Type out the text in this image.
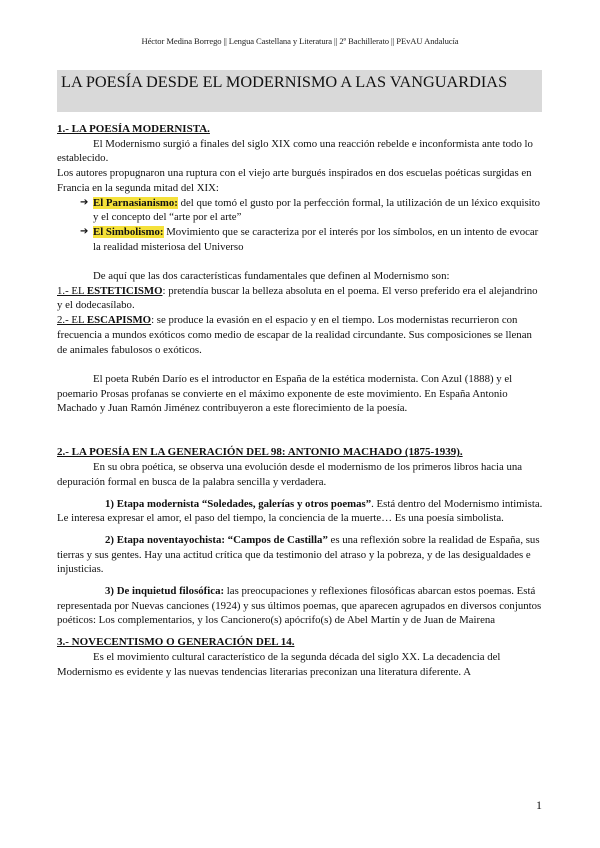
Héctor Medina Borrego || Lengua Castellana y Literatura || 2º Bachillerato || PEvAU Andalucía
LA POESÍA DESDE EL MODERNISMO A LAS VANGUARDIAS

1.- LA POESÍA MODERNISTA.

El Modernismo surgió a finales del siglo XIX como una reacción rebelde e inconformista ante todo lo establecido.

Los autores propugnaron una ruptura con el viejo arte burgués inspirados en dos escuelas poéticas surgidas en Francia en la segunda mitad del XIX:

➔ El Parnasianismo: del que tomó el gusto por la perfección formal, la utilización de un léxico exquisito y el concepto del “arte por el arte”

➔ El Simbolismo: Movimiento que se caracteriza por el interés por los símbolos, en un intento de evocar la realidad misteriosa del Universo

De aquí que las dos características fundamentales que definen al Modernismo son:

1.- EL ESTETICISMO: pretendía buscar la belleza absoluta en el poema. El verso preferido era el alejandrino y el dodecasílabo.

2.- EL ESCAPISMO: se produce la evasión en el espacio y en el tiempo. Los modernistas recurrieron con frecuencia a mundos exóticos como medio de escapar de la realidad circundante. Sus composiciones se llenan de animales fabulosos o exóticos.

El poeta Rubén Darío es el introductor en España de la estética modernista. Con Azul (1888) y el poemario Prosas profanas se convierte en el máximo exponente de este movimiento. En España Antonio Machado y Juan Ramón Jiménez contribuyeron a este florecimiento de la poesía.

2.- LA POESÍA EN LA GENERACIÓN DEL 98: ANTONIO MACHADO (1875-1939).

En su obra poética, se observa una evolución desde el modernismo de los primeros libros hacia una depuración formal en busca de la palabra sencilla y verdadera.

1) Etapa modernista “Soledades, galerías y otros poemas”. Está dentro del Modernismo intimista. Le interesa expresar el amor, el paso del tiempo, la conciencia de la muerte… Es una poesía simbolista.

2) Etapa noventayochista: “Campos de Castilla” es una reflexión sobre la realidad de España, sus tierras y sus gentes. Hay una actitud crítica que da testimonio del atraso y la pobreza, y de las desigualdades e injusticias.

3) De inquietud filosófica: las preocupaciones y reflexiones filosóficas abarcan estos poemas. Está representada por Nuevas canciones (1924) y sus últimos poemas, que aparecen agrupados en diversos conjuntos poéticos: Los complementarios, y los Cancionero(s) apócrifo(s) de Abel Martín y de Juan de Mairena

3.- NOVECENTISMO O GENERACIÓN DEL 14.

Es el movimiento cultural característico de la segunda década del siglo XX. La decadencia del Modernismo es evidente y las nuevas tendencias literarias preconizan una literatura diferente. A

1
